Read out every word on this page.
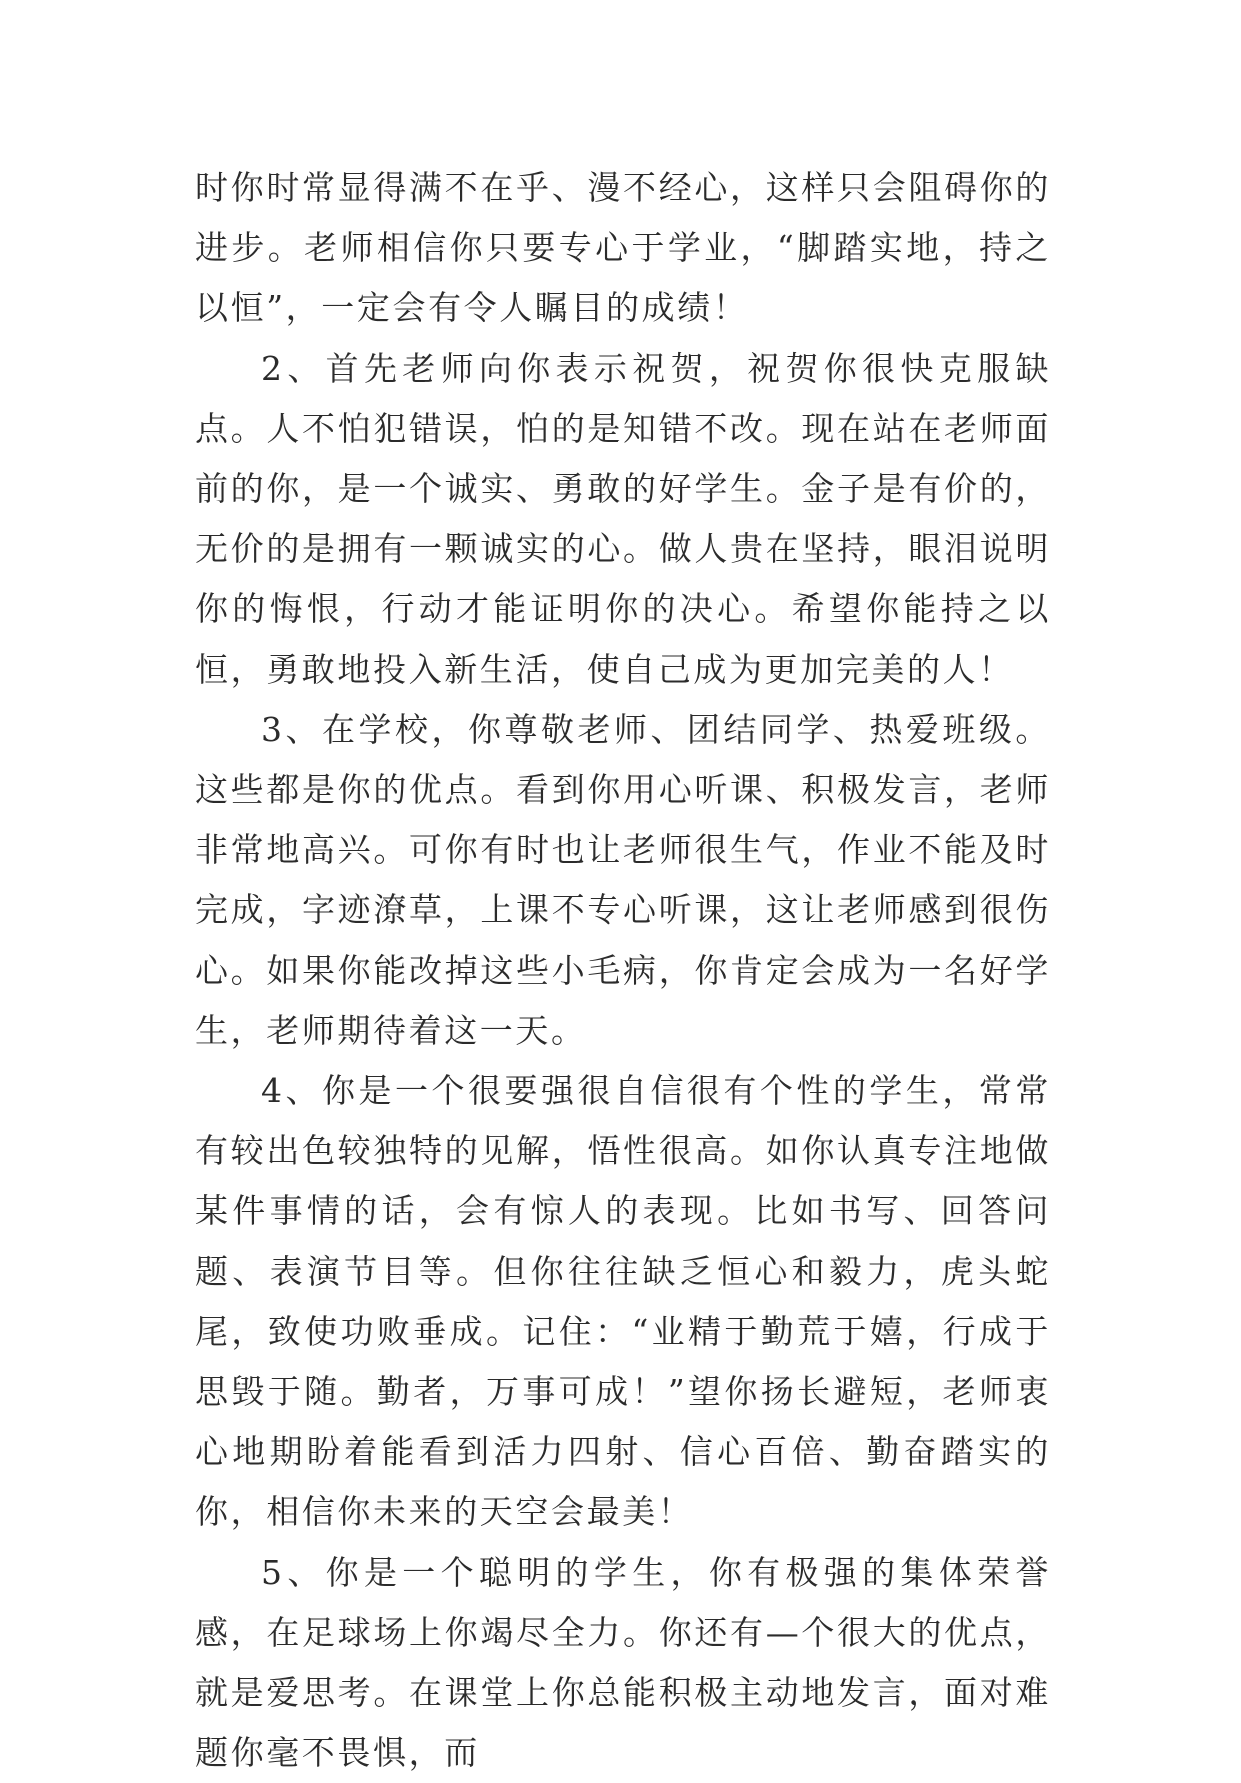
时你时常显得满不在乎、漫不经心，这样只会阻碍你的进步。老师相信你只要专心于学业，“脚踏实地，持之以恒”，一定会有令人瞩目的成绩！

2、首先老师向你表示祝贺，祝贺你很快克服缺点。人不怕犯错误，怕的是知错不改。现在站在老师面前的你，是一个诚实、勇敢的好学生。金子是有价的，无价的是拥有一颗诚实的心。做人贵在坚持，眼泪说明你的悔恨，行动才能证明你的决心。希望你能持之以恒，勇敢地投入新生活，使自己成为更加完美的人！

3、在学校，你尊敬老师、团结同学、热爱班级。这些都是你的优点。看到你用心听课、积极发言，老师非常地高兴。可你有时也让老师很生气，作业不能及时完成，字迹潦草，上课不专心听课，这让老师感到很伤心。如果你能改掉这些小毛病，你肯定会成为一名好学生，老师期待着这一天。

4、你是一个很要强很自信很有个性的学生，常常有较出色较独特的见解，悟性很高。如你认真专注地做某件事情的话，会有惊人的表现。比如书写、回答问题、表演节目等。但你往往缺乏恒心和毅力，虎头蛇尾，致使功败垂成。记住：“业精于勤荒于嬉，行成于思毁于随。勤者，万事可成！”望你扬长避短，老师衷心地期盼着能看到活力四射、信心百倍、勤奋踏实的你，相信你未来的天空会最美！

5、你是一个聪明的学生，你有极强的集体荣誉感，在足球场上你竭尽全力。你还有—个很大的优点，就是爱思考。在课堂上你总能积极主动地发言，面对难题你毫不畏惧，而
